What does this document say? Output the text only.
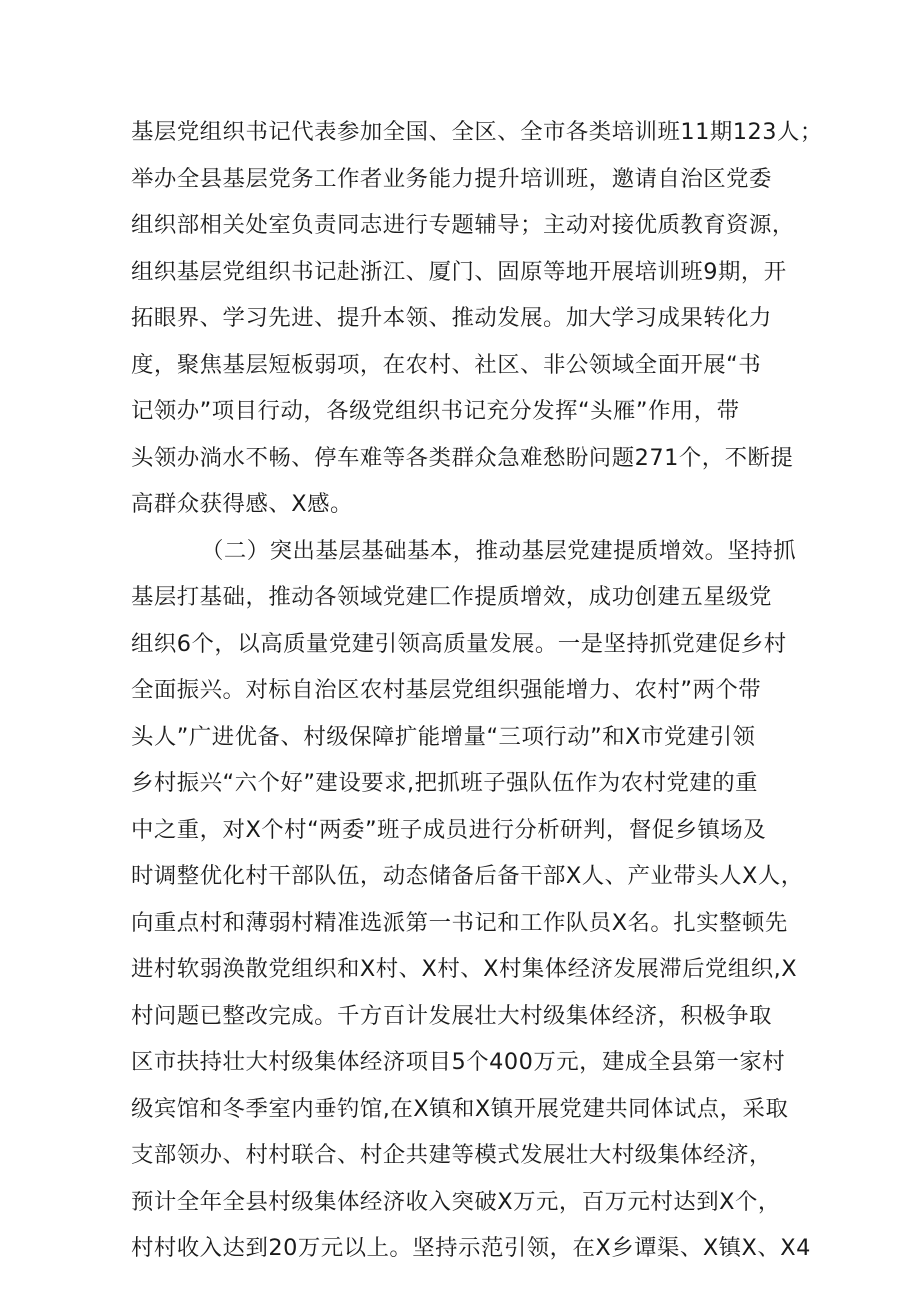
基层党组织书记代表参加全国、全区、全市各类培训班11期123人；
举办全县基层党务工作者业务能力提升培训班，邀请自治区党委
组织部相关处室负责同志进行专题辅导；主动对接优质教育资源，
组织基层党组织书记赴浙江、厦门、固原等地开展培训班9期，开
拓眼界、学习先进、提升本领、推动发展。加大学习成果转化力
度，聚焦基层短板弱项，在农村、社区、非公领域全面开展“书
记领办”项目行动，各级党组织书记充分发挥“头雁”作用，带
头领办淌水不畅、停车难等各类群众急难愁盼问题271个，不断提
高群众获得感、X感。
（二）突出基层基础基本，推动基层党建提质增效。坚持抓
基层打基础，推动各领域党建匚作提质增效，成功创建五星级党
组织6个，以高质量党建引领高质量发展。一是坚持抓党建促乡村
全面振兴。对标自治区农村基层党组织强能增力、农村”两个带
头人”广进优备、村级保障扩能增量“三项行动”和X市党建引领
乡村振兴“六个好”建设要求,把抓班子强队伍作为农村党建的重
中之重，对X个村“两委”班子成员进行分析研判，督促乡镇场及
时调整优化村干部队伍，动态储备后备干部X人、产业带头人X人，
向重点村和薄弱村精准选派第一书记和工作队员X名。扎实整顿先
进村软弱涣散党组织和X村、X村、X村集体经济发展滞后党组织,X
村问题已整改完成。千方百计发展壮大村级集体经济，积极争取
区市扶持壮大村级集体经济项目5个400万元，建成全县第一家村
级宾馆和冬季室内垂钓馆,在X镇和X镇开展党建共同体试点，采取
支部领办、村村联合、村企共建等模式发展壮大村级集体经济，
预计全年全县村级集体经济收入突破X万元，百万元村达到X个，
村村收入达到20万元以上。坚持示范引领，在X乡谭渠、X镇X、X4
